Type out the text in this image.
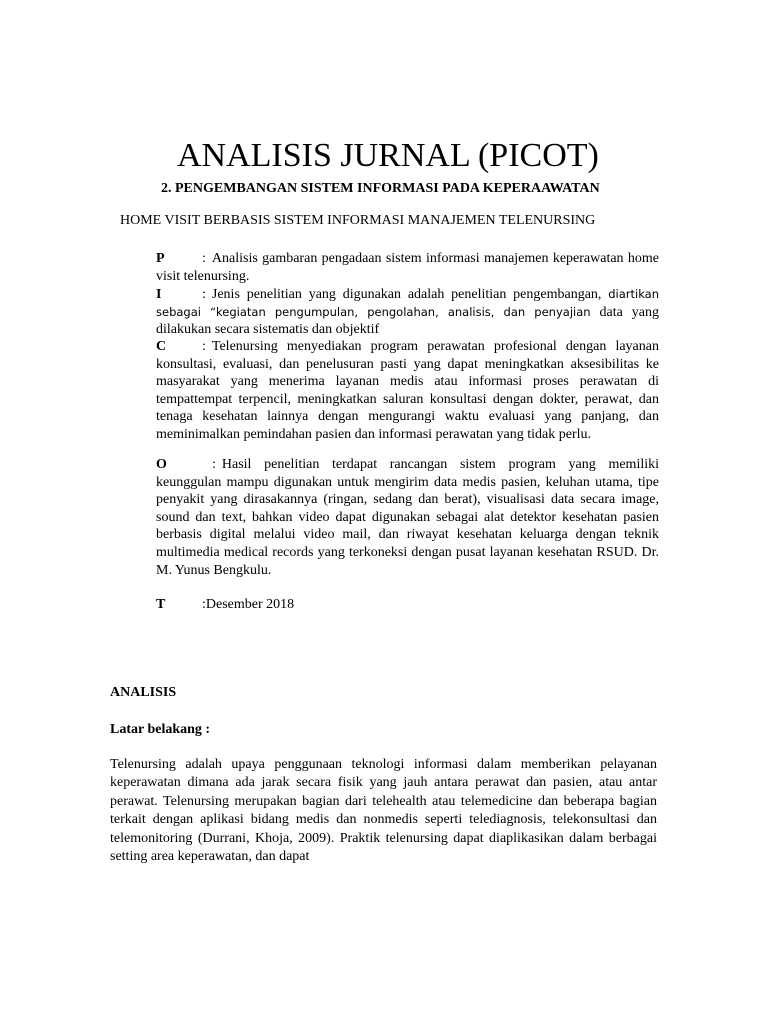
ANALISIS JURNAL (PICOT)
2. PENGEMBANGAN SISTEM INFORMASI PADA KEPERAAWATAN
HOME VISIT BERBASIS SISTEM INFORMASI MANAJEMEN TELENURSING
P	: Analisis gambaran pengadaan sistem informasi manajemen keperawatan home visit telenursing.
I	: Jenis penelitian yang digunakan adalah penelitian pengembangan, diartikan sebagai “kegiatan pengumpulan, pengolahan, analisis, dan penyajian data yang dilakukan secara sistematis dan objektif
C	: Telenursing menyediakan program perawatan profesional dengan layanan konsultasi, evaluasi, dan penelusuran pasti yang dapat meningkatkan aksesibilitas ke masyarakat yang menerima layanan medis atau informasi proses perawatan di tempattempat terpencil, meningkatkan saluran konsultasi dengan dokter, perawat, dan tenaga kesehatan lainnya dengan mengurangi waktu evaluasi yang panjang, dan meminimalkan pemindahan pasien dan informasi perawatan yang tidak perlu.
O	: Hasil penelitian terdapat rancangan sistem program yang memiliki keunggulan mampu digunakan untuk mengirim data medis pasien, keluhan utama, tipe penyakit yang dirasakannya (ringan, sedang dan berat), visualisasi data secara image, sound dan text, bahkan video dapat digunakan sebagai alat detektor kesehatan pasien berbasis digital melalui video mail, dan riwayat kesehatan keluarga dengan teknik multimedia medical records yang terkoneksi dengan pusat layanan kesehatan RSUD. Dr. M. Yunus Bengkulu.
T	:Desember 2018
ANALISIS
Latar belakang :
Telenursing adalah upaya penggunaan teknologi informasi dalam memberikan pelayanan keperawatan dimana ada jarak secara fisik yang jauh antara perawat dan pasien, atau antar perawat. Telenursing merupakan bagian dari telehealth atau telemedicine dan beberapa bagian terkait dengan aplikasi bidang medis dan nonmedis seperti telediagnosis, telekonsultasi dan telemonitoring (Durrani, Khoja, 2009). Praktik telenursing dapat diaplikasikan dalam berbagai setting area keperawatan, dan dapat
